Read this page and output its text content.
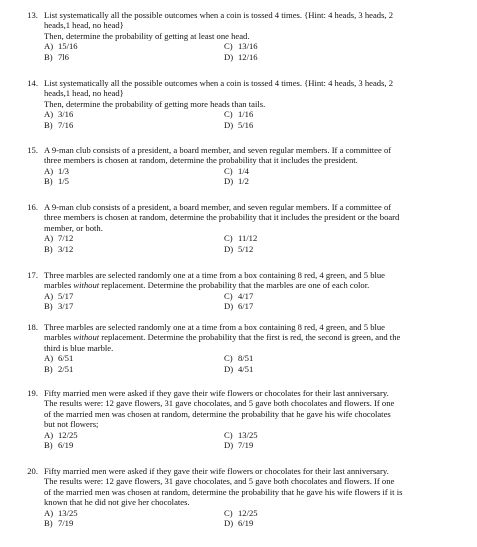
13. List systematically all the possible outcomes when a coin is tossed 4 times. {Hint: 4 heads, 3 heads, 2
heads,1 head, no head}
Then, determine the probability of getting at least one head.
A) 15/16
B) 7l6
C) 13/16
D) 12/16
14. List systematically all the possible outcomes when a coin is tossed 4 times. {Hint: 4 heads, 3 heads, 2
heads,1 head, no head}
Then, determine the probability of getting more heads than tails.
A) 3/16
B) 7/16
C) 1/16
D) 5/16
15. A 9-man club consists of a president, a board member, and seven regular members. If a committee of
three members is chosen at random, determine the probability that it includes the president.
A) 1/3
B) 1/5
C) 1/4
D) 1/2
16. A 9-man club consists of a president, a board member, and seven regular members. If a committee of
three members is chosen at random, determine the probability that it includes the president or the board
member, or both.
A) 7/12
B) 3/12
C) 11/12
D) 5/12
17. Three marbles are selected randomly one at a time from a box containing 8 red, 4 green, and 5 blue
marbles without replacement. Determine the probability that the marbles are one of each color.
A) 5/17
B) 3/17
C) 4/17
D) 6/17
18. Three marbles are selected randomly one at a time from a box containing 8 red, 4 green, and 5 blue
marbles without replacement. Determine the probability that the first is red, the second is green, and the
third is blue marble.
A) 6/51
B) 2/51
C) 8/51
D) 4/51
19. Fifty married men were asked if they gave their wife flowers or chocolates for their last anniversary.
The results were: 12 gave flowers, 31 gave chocolates, and 5 gave both chocolates and flowers. If one
of the married men was chosen at random, determine the probability that he gave his wife chocolates
but not flowers;
A) 12/25
B) 6/19
C) 13/25
D) 7/19
20. Fifty married men were asked if they gave their wife flowers or chocolates for their last anniversary.
The results were: 12 gave flowers, 31 gave chocolates, and 5 gave both chocolates and flowers. If one
of the married men was chosen at random, determine the probability that he gave his wife flowers if it is
known that he did not give her chocolates.
A) 13/25
B) 7/19
C) 12/25
D) 6/19
